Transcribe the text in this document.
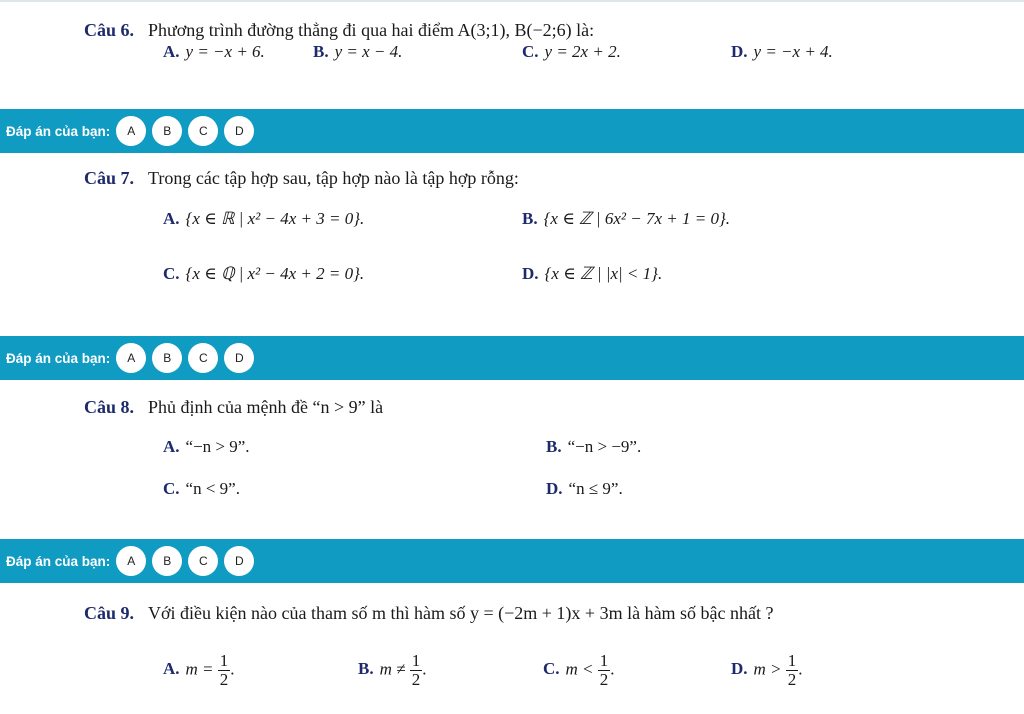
Câu 6. Phương trình đường thẳng đi qua hai điểm A(3;1), B(−2;6) là:
A. y = −x + 6.	B. y = x − 4.	C. y = 2x + 2.	D. y = −x + 4.
Đáp án của bạn:	A	B	C	D
Câu 7. Trong các tập hợp sau, tập hợp nào là tập hợp rỗng:
A. {x ∈ ℝ | x² − 4x + 3 = 0}.	B. {x ∈ ℤ | 6x² − 7x + 1 = 0}.
C. {x ∈ ℚ | x² − 4x + 2 = 0}.	D. {x ∈ ℤ | |x| < 1}.
Đáp án của bạn:	A	B	C	D
Câu 8. Phủ định của mệnh đề “n > 9” là
A. “−n > 9”.	B. “−n > −9”.
C. “n < 9”.	D. “n ≤ 9”.
Đáp án của bạn:	A	B	C	D
Câu 9. Với điều kiện nào của tham số m thì hàm số y = (−2m + 1)x + 3m là hàm số bậc nhất ?
A. $m = \frac{1}{2}$ .	B. $m \ne \frac{1}{2}$ .	C. $m < \frac{1}{2}$ .	D. $m > \frac{1}{2}$ .
